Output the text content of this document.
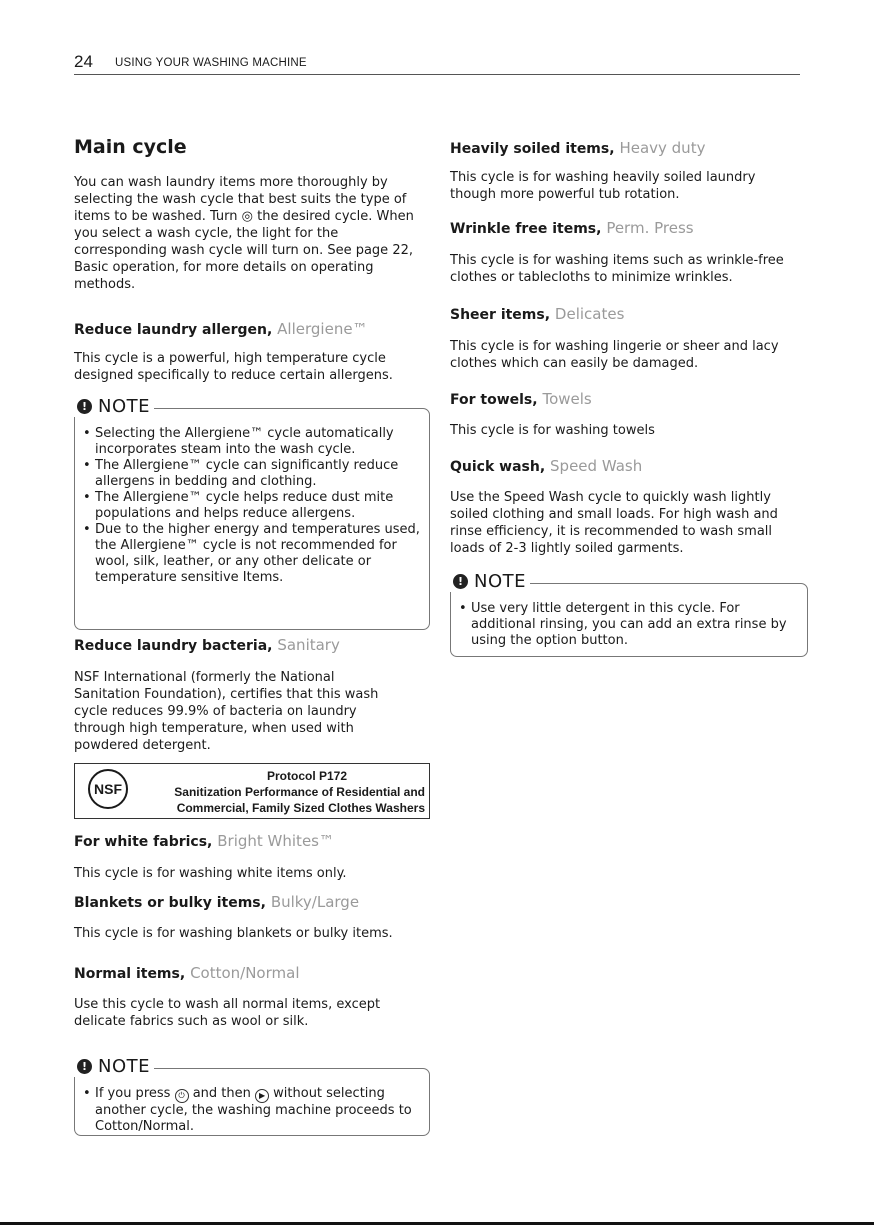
24 USING YOUR WASHING MACHINE
Main cycle
You can wash laundry items more thoroughly by selecting the wash cycle that best suits the type of items to be washed. Turn ◎ the desired cycle. When you select a wash cycle, the light for the corresponding wash cycle will turn on. See page 22, Basic operation, for more details on operating methods.
Reduce laundry allergen, Allergiene™
This cycle is a powerful, high temperature cycle designed specifically to reduce certain allergens.
! NOTE
• Selecting the Allergiene™ cycle automatically incorporates steam into the wash cycle.
• The Allergiene™ cycle can significantly reduce allergens in bedding and clothing.
• The Allergiene™ cycle helps reduce dust mite populations and helps reduce allergens.
• Due to the higher energy and temperatures used, the Allergiene™ cycle is not recommended for wool, silk, leather, or any other delicate or temperature sensitive Items.
Reduce laundry bacteria, Sanitary
NSF International (formerly the National Sanitation Foundation), certifies that this wash cycle reduces 99.9% of bacteria on laundry through high temperature, when used with powdered detergent.
NSF
Protocol P172
Sanitization Performance of Residential and
Commercial, Family Sized Clothes Washers
For white fabrics, Bright Whites™
This cycle is for washing white items only.
Blankets or bulky items, Bulky/Large
This cycle is for washing blankets or bulky items.
Normal items, Cotton/Normal
Use this cycle to wash all normal items, except delicate fabrics such as wool or silk.
! NOTE
• If you press ⏻ and then ▶ without selecting another cycle, the washing machine proceeds to Cotton/Normal.
Heavily soiled items, Heavy duty
This cycle is for washing heavily soiled laundry though more powerful tub rotation.
Wrinkle free items, Perm. Press
This cycle is for washing items such as wrinkle-free clothes or tablecloths to minimize wrinkles.
Sheer items, Delicates
This cycle is for washing lingerie or sheer and lacy clothes which can easily be damaged.
For towels, Towels
This cycle is for washing towels
Quick wash, Speed Wash
Use the Speed Wash cycle to quickly wash lightly soiled clothing and small loads. For high wash and rinse efficiency, it is recommended to wash small loads of 2-3 lightly soiled garments.
! NOTE
• Use very little detergent in this cycle. For additional rinsing, you can add an extra rinse by using the option button.
